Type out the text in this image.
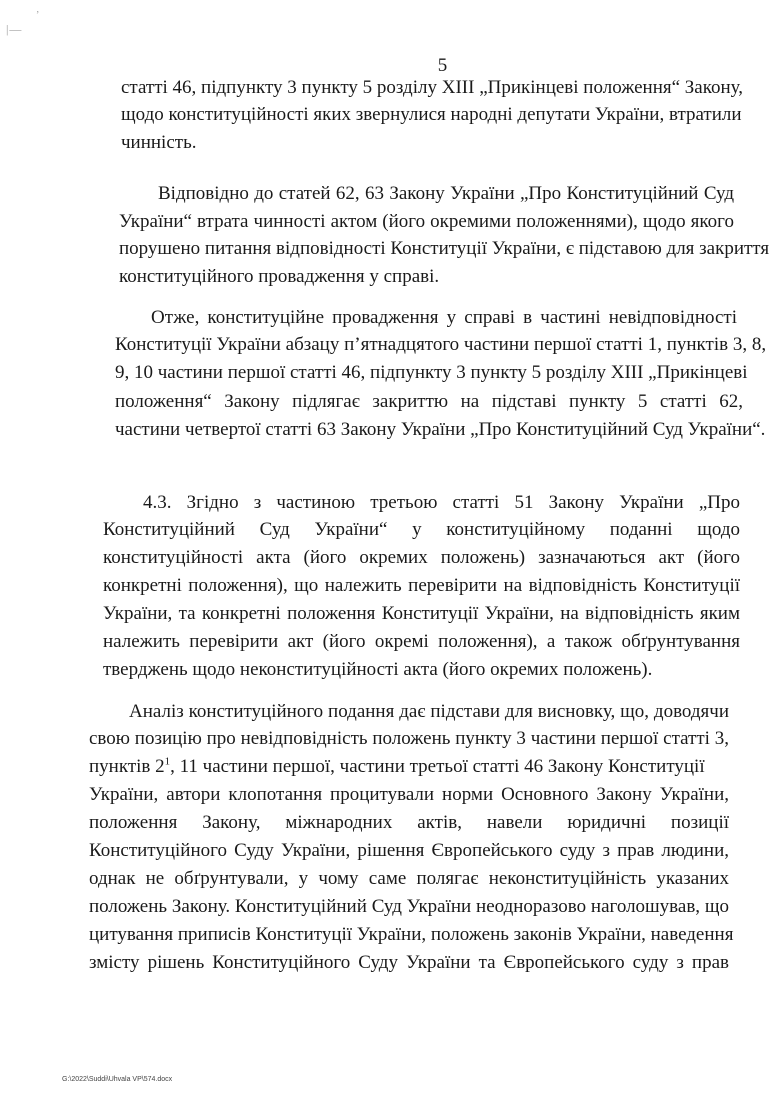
|—
’
5
статті 46, підпункту 3 пункту 5 розділу ХІІІ „Прикінцеві положення“ Закону,
щодо конституційності яких звернулися народні депутати України, втратили
чинність.
Відповідно до статей 62, 63 Закону України „Про Конституційний Суд
України“ втрата чинності актом (його окремими положеннями), щодо якого
порушено питання відповідності Конституції України, є підставою для закриття
конституційного провадження у справі.
Отже, конституційне провадження у справі в частині невідповідності
Конституції України абзацу п’ятнадцятого частини першої статті 1, пунктів 3, 8,
9, 10 частини першої статті 46, підпункту 3 пункту 5 розділу ХІІІ „Прикінцеві
положення“ Закону підлягає закриттю на підставі пункту 5 статті 62,
частини четвертої статті 63 Закону України „Про Конституційний Суд України“.
4.3. Згідно з частиною третьою статті 51 Закону України „Про
Конституційний Суд України“ у конституційному поданні щодо
конституційності акта (його окремих положень) зазначаються акт (його
конкретні положення), що належить перевірити на відповідність Конституції
України, та конкретні положення Конституції України, на відповідність яким
належить перевірити акт (його окремі положення), а також обґрунтування
тверджень щодо неконституційності акта (його окремих положень).
Аналіз конституційного подання дає підстави для висновку, що, доводячи
свою позицію про невідповідність положень пункту 3 частини першої статті 3,
пунктів $2^1$, 11 частини першої, частини третьої статті 46 Закону Конституції
України, автори клопотання процитували норми Основного Закону України,
положення Закону, міжнародних актів, навели юридичні позиції
Конституційного Суду України, рішення Європейського суду з прав людини,
однак не обґрунтували, у чому саме полягає неконституційність указаних
положень Закону. Конституційний Суд України неодноразово наголошував, що
цитування приписів Конституції України, положень законів України, наведення
змісту рішень Конституційного Суду України та Європейського суду з прав
G:\2022\Suddi\Uhvala VP\574.docx
